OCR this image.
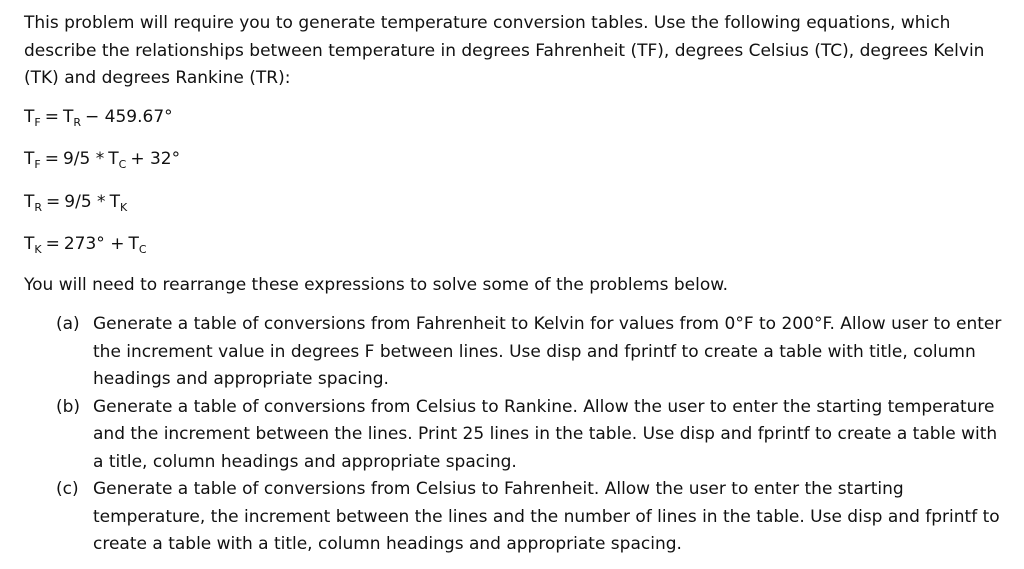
This problem will require you to generate temperature conversion tables. Use the following equations, which describe the relationships between temperature in degrees Fahrenheit (TF), degrees Celsius (TC), degrees Kelvin (TK) and degrees Rankine (TR):

$T_F = T_R - 459.67^\circ$
$T_F = 9/5 * T_C + 32^\circ$
$T_R = 9/5 * T_K$
$T_K = 273^\circ + T_C$

You will need to rearrange these expressions to solve some of the problems below.

(a) Generate a table of conversions from Fahrenheit to Kelvin for values from 0°F to 200°F. Allow user to enter the increment value in degrees F between lines. Use disp and fprintf to create a table with title, column headings and appropriate spacing.
(b) Generate a table of conversions from Celsius to Rankine. Allow the user to enter the starting temperature and the increment between the lines. Print 25 lines in the table. Use disp and fprintf to create a table with a title, column headings and appropriate spacing.
(c) Generate a table of conversions from Celsius to Fahrenheit. Allow the user to enter the starting temperature, the increment between the lines and the number of lines in the table. Use disp and fprintf to create a table with a title, column headings and appropriate spacing.
